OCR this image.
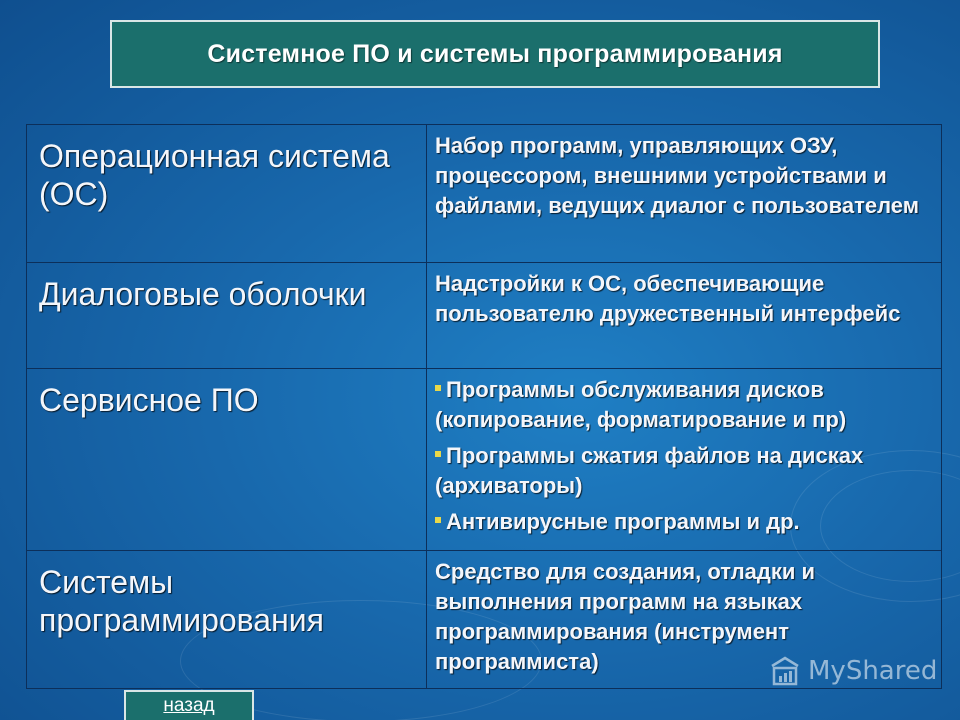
Системное ПО и системы программирования
Операционная система (ОС)	Набор программ, управляющих ОЗУ, процессором, внешними устройствами и файлами, ведущих диалог с пользователем
Диалоговые оболочки	Надстройки к ОС, обеспечивающие пользователю дружественный интерфейс
Сервисное ПО	Программы обслуживания дисков (копирование, форматирование и пр)
Программы сжатия файлов на дисках (архиваторы)
Антивирусные программы и др.

Системы программирования	Средство для создания, отладки и выполнения программ на языках программирования (инструмент программиста)
назад
MyShared
